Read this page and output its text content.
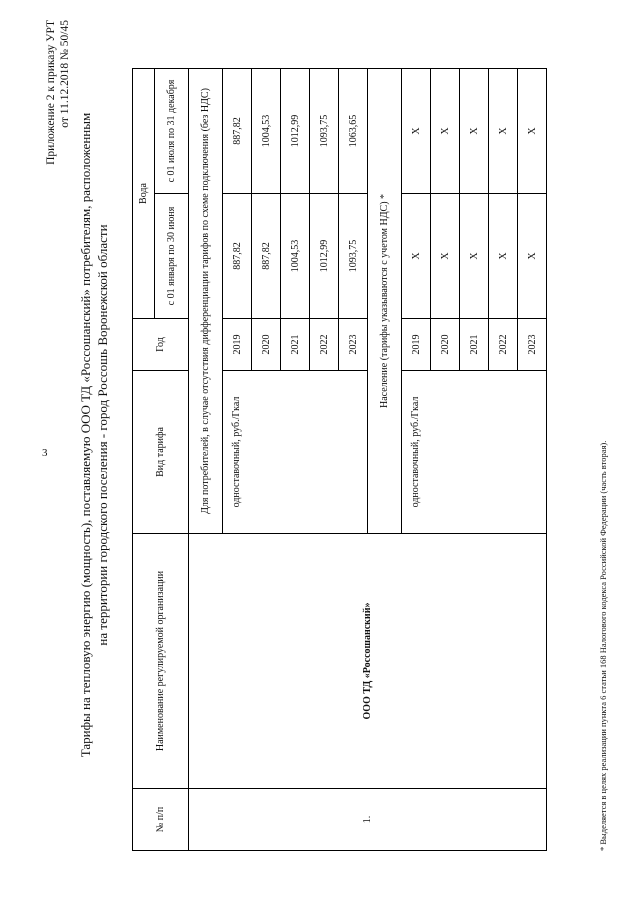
3
Приложение 2 к приказу УРТ от 11.12.2018 № 50/45
Тарифы на тепловую энергию (мощность), поставляемую ООО ТД «Россошанский» потребителям, расположенным на территории городского поселения - город Россошь Воронежской области
№ п/п	Наименование регулируемой организации	Вид тарифа	Год	Вода	
				с 01 января по 30 июня	с 01 июля по 31 декабря
1.	ООО ТД «Россошанский»	Для потребителей, в случае отсутствия дифференциации тарифов по схеме подключения (без НДС)			
		одноставочный, руб./Гкал	2019	887,82	887,82
			2020	887,82	1004,53
			2021	1004,53	1012,99
			2022	1012,99	1093,75
			2023	1093,75	1063,65
		Население (тарифы указываются с учетом НДС) *			
		одноставочный, руб./Гкал	2019	Х	Х
			2020	Х	Х
			2021	Х	Х
			2022	Х	Х
			2023	Х	Х
* Выделяется в целях реализации пункта 6 статьи 168 Налогового кодекса Российской Федерации (часть вторая).
